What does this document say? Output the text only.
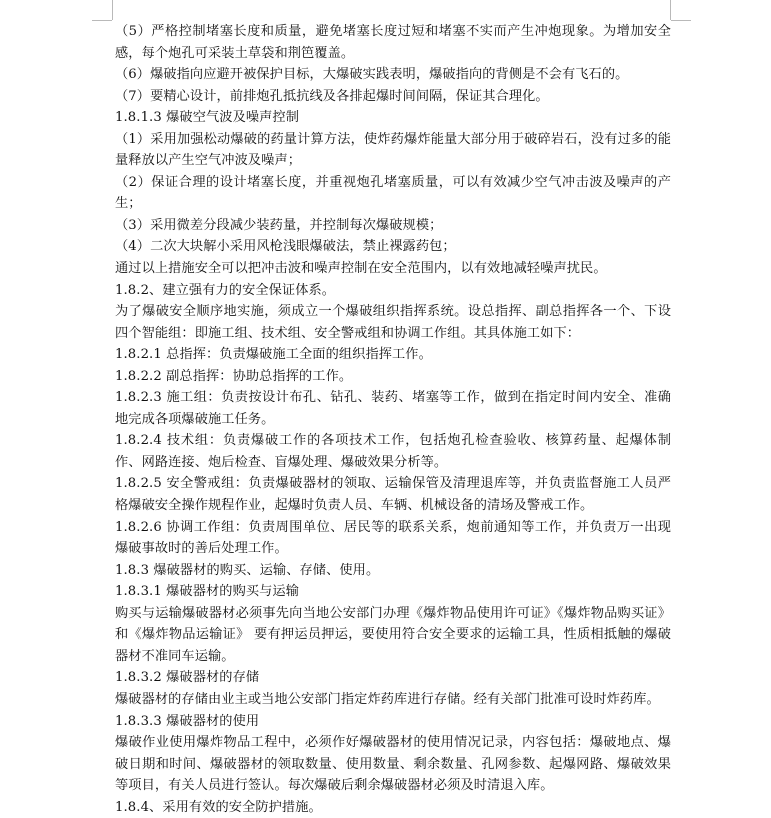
（5）严格控制堵塞长度和质量，避免堵塞长度过短和堵塞不实而产生冲炮现象。为增加安全感，每个炮孔可采装土草袋和荆笆覆盖。

（6）爆破指向应避开被保护目标，大爆破实践表明，爆破指向的背侧是不会有飞石的。

（7）要精心设计，前排炮孔抵抗线及各排起爆时间间隔，保证其合理化。

1.8.1.3 爆破空气波及噪声控制

（1）采用加强松动爆破的药量计算方法，使炸药爆炸能量大部分用于破碎岩石，没有过多的能量释放以产生空气冲波及噪声；

（2）保证合理的设计堵塞长度，并重视炮孔堵塞质量，可以有效减少空气冲击波及噪声的产生；

（3）采用微差分段减少装药量，并控制每次爆破规模；

（4）二次大块解小采用风枪浅眼爆破法，禁止裸露药包；

通过以上措施安全可以把冲击波和噪声控制在安全范围内，以有效地减轻噪声扰民。

1.8.2、建立强有力的安全保证体系。

为了爆破安全顺序地实施，须成立一个爆破组织指挥系统。设总指挥、副总指挥各一个、下设四个智能组：即施工组、技术组、安全警戒组和协调工作组。其具体施工如下：

1.8.2.1 总指挥：负责爆破施工全面的组织指挥工作。

1.8.2.2 副总指挥：协助总指挥的工作。

1.8.2.3 施工组：负责按设计布孔、钻孔、装药、堵塞等工作，做到在指定时间内安全、准确地完成各项爆破施工任务。

1.8.2.4 技术组：负责爆破工作的各项技术工作，包括炮孔检查验收、核算药量、起爆体制作、网路连接、炮后检查、盲爆处理、爆破效果分析等。

1.8.2.5 安全警戒组：负责爆破器材的领取、运输保管及清理退库等，并负责监督施工人员严格爆破安全操作规程作业，起爆时负责人员、车辆、机械设备的清场及警戒工作。

1.8.2.6 协调工作组：负责周围单位、居民等的联系关系，炮前通知等工作，并负责万一出现爆破事故时的善后处理工作。

1.8.3 爆破器材的购买、运输、存储、使用。

1.8.3.1 爆破器材的购买与运输

购买与运输爆破器材必须事先向当地公安部门办理《爆炸物品使用许可证》《爆炸物品购买证》和《爆炸物品运输证》 要有押运员押运，要使用符合安全要求的运输工具，性质相抵触的爆破器材不准同车运输。

1.8.3.2 爆破器材的存储

爆破器材的存储由业主或当地公安部门指定炸药库进行存储。经有关部门批准可设时炸药库。

1.8.3.3 爆破器材的使用

爆破作业使用爆炸物品工程中，必须作好爆破器材的使用情况记录，内容包括：爆破地点、爆破日期和时间、爆破器材的领取数量、使用数量、剩余数量、孔网参数、起爆网路、爆破效果等项目，有关人员进行签认。每次爆破后剩余爆破器材必须及时清退入库。

1.8.4、采用有效的安全防护措施。
